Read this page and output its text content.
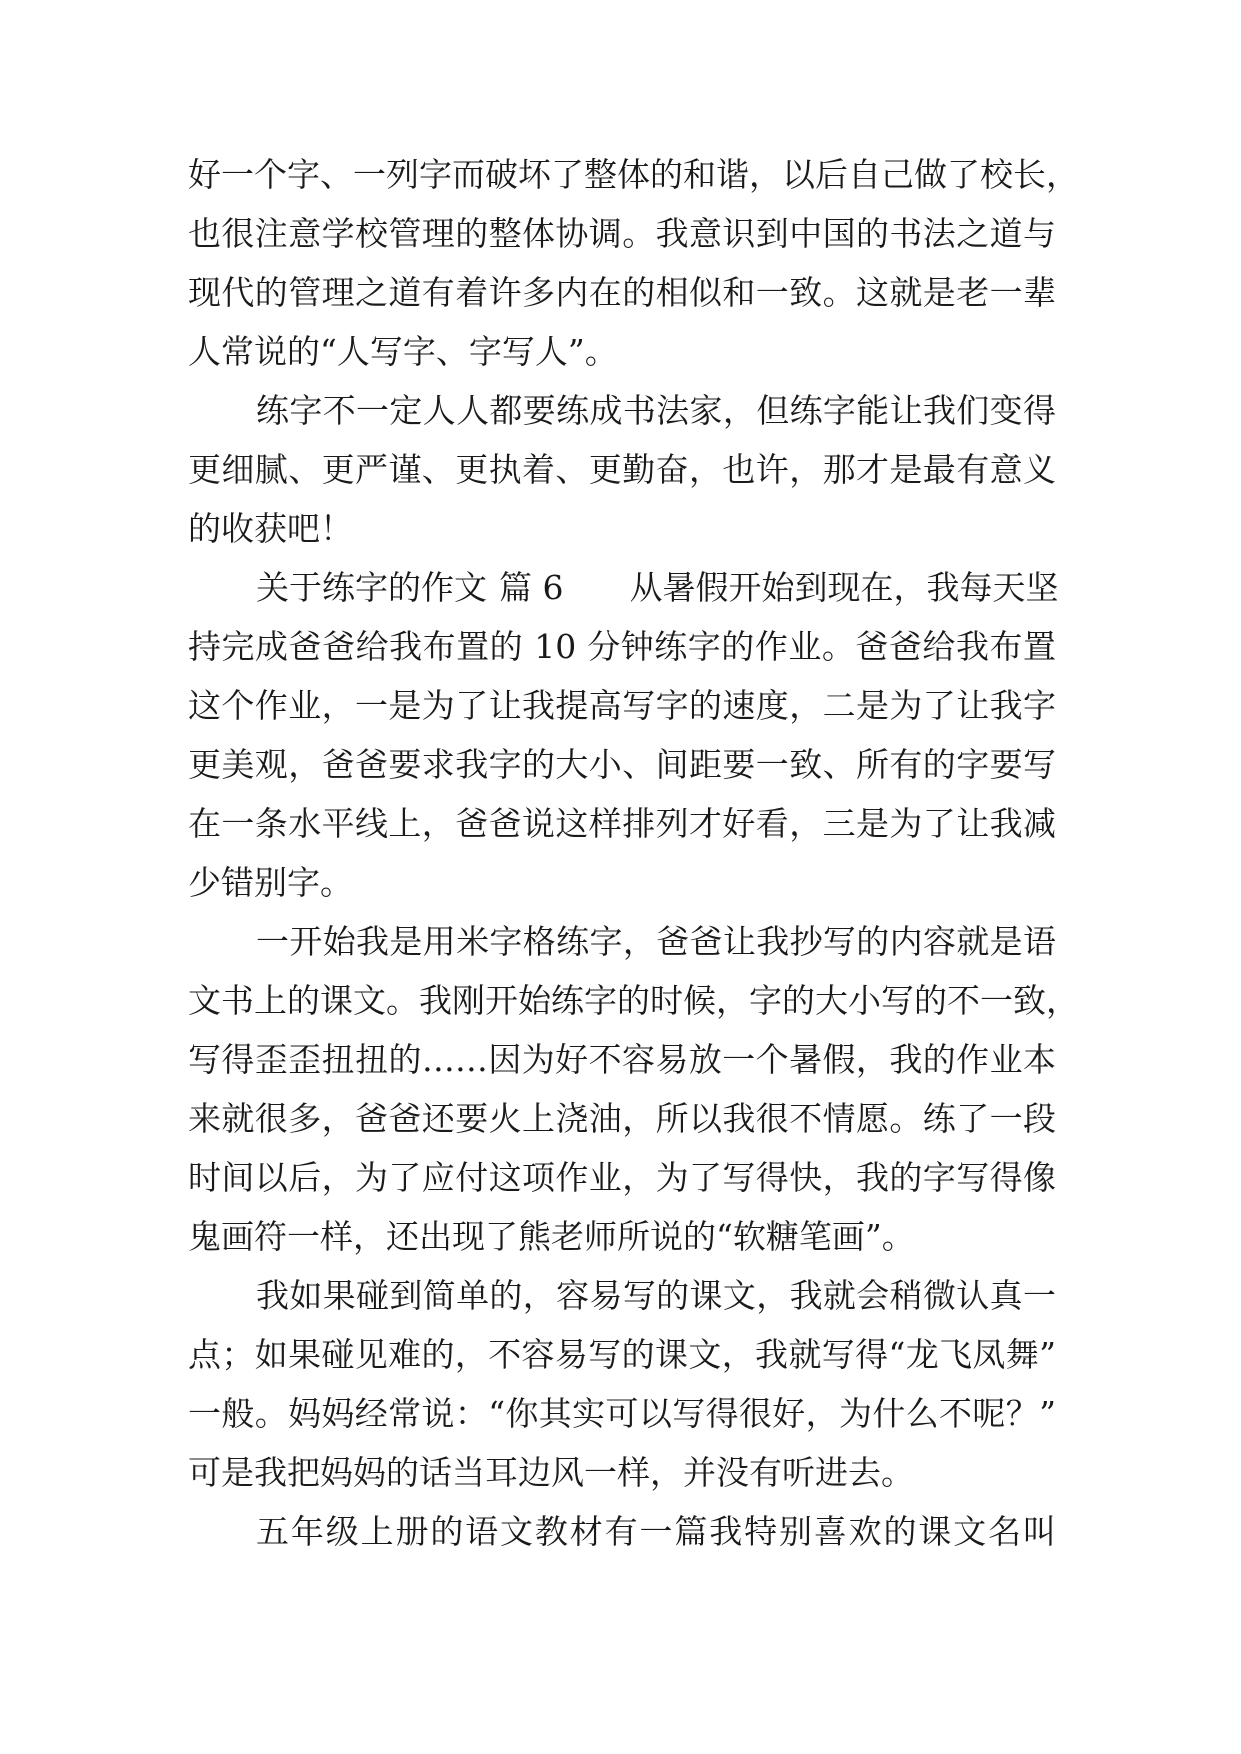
好一个字、一列字而破坏了整体的和谐，以后自己做了校长，
也很注意学校管理的整体协调。我意识到中国的书法之道与
现代的管理之道有着许多内在的相似和一致。这就是老一辈
人常说的“人写字、字写人”。
练字不一定人人都要练成书法家，但练字能让我们变得
更细腻、更严谨、更执着、更勤奋，也许，那才是最有意义
的收获吧！
关于练字的作文 篇 6 从暑假开始到现在，我每天坚
持完成爸爸给我布置的 10 分钟练字的作业。爸爸给我布置
这个作业，一是为了让我提高写字的速度，二是为了让我字
更美观，爸爸要求我字的大小、间距要一致、所有的字要写
在一条水平线上，爸爸说这样排列才好看，三是为了让我减
少错别字。
一开始我是用米字格练字，爸爸让我抄写的内容就是语
文书上的课文。我刚开始练字的时候，字的大小写的不一致，
写得歪歪扭扭的……因为好不容易放一个暑假，我的作业本
来就很多，爸爸还要火上浇油，所以我很不情愿。练了一段
时间以后，为了应付这项作业，为了写得快，我的字写得像
鬼画符一样，还出现了熊老师所说的“软糖笔画”。
我如果碰到简单的，容易写的课文，我就会稍微认真一
点；如果碰见难的，不容易写的课文，我就写得“龙飞凤舞”
一般。妈妈经常说：“你其实可以写得很好，为什么不呢？”
可是我把妈妈的话当耳边风一样，并没有听进去。
五年级上册的语文教材有一篇我特别喜欢的课文名叫
